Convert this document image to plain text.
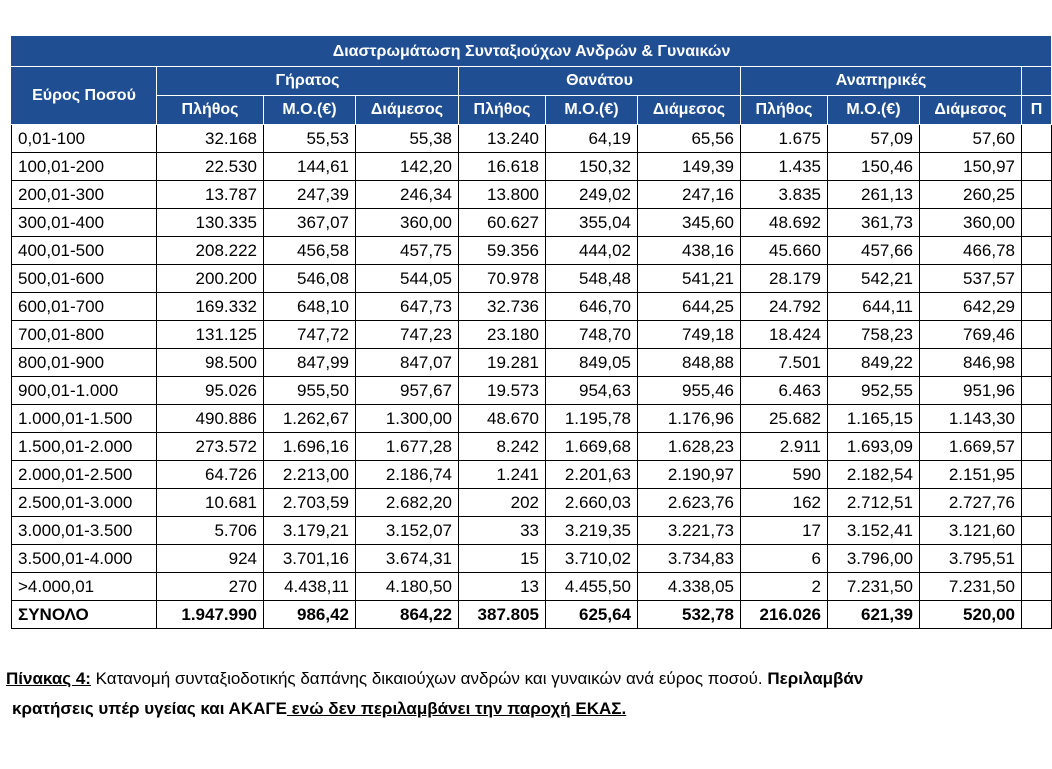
Διαστρωμάτωση Συνταξιούχων Ανδρών & Γυναικών										
Εύρος Ποσού	Γήρατος			Θανάτου			Αναπηρικές			
	Πλήθος	Μ.Ο.(€)	Διάμεσος	Πλήθος	Μ.Ο.(€)	Διάμεσος	Πλήθος	Μ.Ο.(€)	Διάμεσος	Π
0,01-100	32.168	55,53	55,38	13.240	64,19	65,56	1.675	57,09	57,60	
100,01-200	22.530	144,61	142,20	16.618	150,32	149,39	1.435	150,46	150,97	
200,01-300	13.787	247,39	246,34	13.800	249,02	247,16	3.835	261,13	260,25	
300,01-400	130.335	367,07	360,00	60.627	355,04	345,60	48.692	361,73	360,00	
400,01-500	208.222	456,58	457,75	59.356	444,02	438,16	45.660	457,66	466,78	
500,01-600	200.200	546,08	544,05	70.978	548,48	541,21	28.179	542,21	537,57	
600,01-700	169.332	648,10	647,73	32.736	646,70	644,25	24.792	644,11	642,29	
700,01-800	131.125	747,72	747,23	23.180	748,70	749,18	18.424	758,23	769,46	
800,01-900	98.500	847,99	847,07	19.281	849,05	848,88	7.501	849,22	846,98	
900,01-1.000	95.026	955,50	957,67	19.573	954,63	955,46	6.463	952,55	951,96	
1.000,01-1.500	490.886	1.262,67	1.300,00	48.670	1.195,78	1.176,96	25.682	1.165,15	1.143,30	
1.500,01-2.000	273.572	1.696,16	1.677,28	8.242	1.669,68	1.628,23	2.911	1.693,09	1.669,57	
2.000,01-2.500	64.726	2.213,00	2.186,74	1.241	2.201,63	2.190,97	590	2.182,54	2.151,95	
2.500,01-3.000	10.681	2.703,59	2.682,20	202	2.660,03	2.623,76	162	2.712,51	2.727,76	
3.000,01-3.500	5.706	3.179,21	3.152,07	33	3.219,35	3.221,73	17	3.152,41	3.121,60	
3.500,01-4.000	924	3.701,16	3.674,31	15	3.710,02	3.734,83	6	3.796,00	3.795,51	
>4.000,01	270	4.438,11	4.180,50	13	4.455,50	4.338,05	2	7.231,50	7.231,50	
ΣΥΝΟΛΟ	1.947.990	986,42	864,22	387.805	625,64	532,78	216.026	621,39	520,00	
Πίνακας 4: Κατανομή συνταξιοδοτικής δαπάνης δικαιούχων ανδρών και γυναικών ανά εύρος ποσού. Περιλαμβάν
κρατήσεις υπέρ υγείας και ΑΚΑΓΕ ενώ δεν περιλαμβάνει την παροχή ΕΚΑΣ.
